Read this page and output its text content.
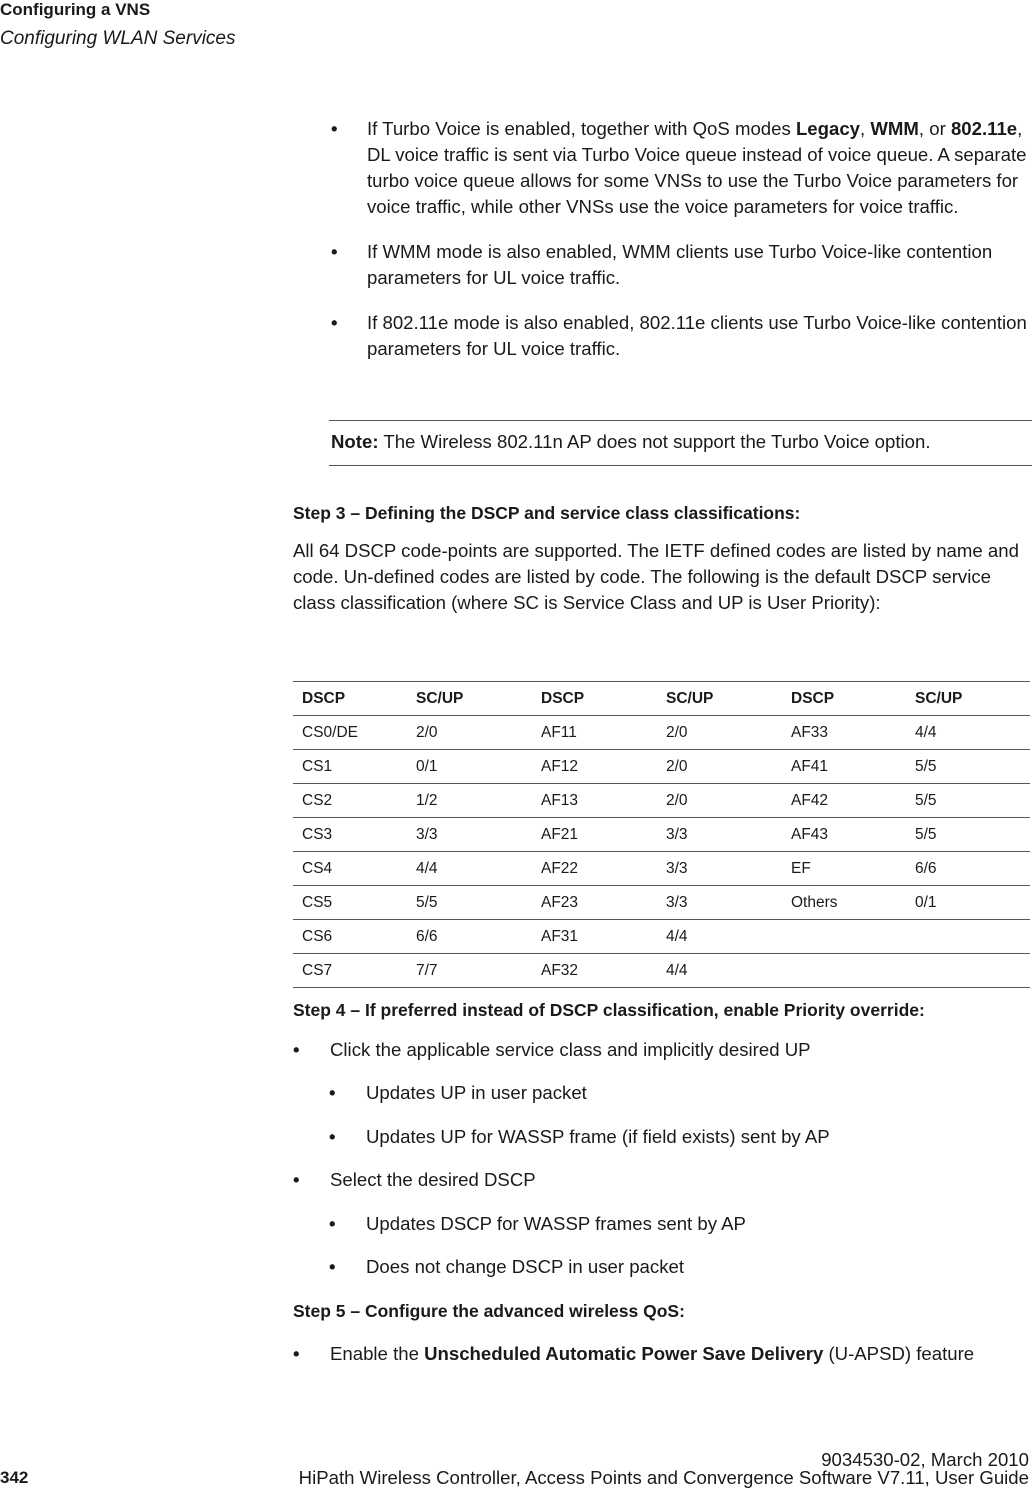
Configuring a VNS
Configuring WLAN Services
• If Turbo Voice is enabled, together with QoS modes Legacy, WMM, or 802.11e, DL voice traffic is sent via Turbo Voice queue instead of voice queue. A separate turbo voice queue allows for some VNSs to use the Turbo Voice parameters for voice traffic, while other VNSs use the voice parameters for voice traffic.
• If WMM mode is also enabled, WMM clients use Turbo Voice-like contention parameters for UL voice traffic.
• If 802.11e mode is also enabled, 802.11e clients use Turbo Voice-like contention parameters for UL voice traffic.
Note: The Wireless 802.11n AP does not support the Turbo Voice option.
Step 3 – Defining the DSCP and service class classifications:
All 64 DSCP code-points are supported. The IETF defined codes are listed by name and code. Un-defined codes are listed by code. The following is the default DSCP service class classification (where SC is Service Class and UP is User Priority):
DSCP	SC/UP	DSCP	SC/UP	DSCP	SC/UP
CS0/DE	2/0	AF11	2/0	AF33	4/4
CS1	0/1	AF12	2/0	AF41	5/5
CS2	1/2	AF13	2/0	AF42	5/5
CS3	3/3	AF21	3/3	AF43	5/5
CS4	4/4	AF22	3/3	EF	6/6
CS5	5/5	AF23	3/3	Others	0/1
CS6	6/6	AF31	4/4		
CS7	7/7	AF32	4/4		
Step 4 – If preferred instead of DSCP classification, enable Priority override:
• Click the applicable service class and implicitly desired UP
• Updates UP in user packet
• Updates UP for WASSP frame (if field exists) sent by AP
• Select the desired DSCP
• Updates DSCP for WASSP frames sent by AP
• Does not change DSCP in user packet
Step 5 – Configure the advanced wireless QoS:
• Enable the Unscheduled Automatic Power Save Delivery (U-APSD) feature
9034530-02, March 2010
342	HiPath Wireless Controller, Access Points and Convergence Software V7.11, User Guide
